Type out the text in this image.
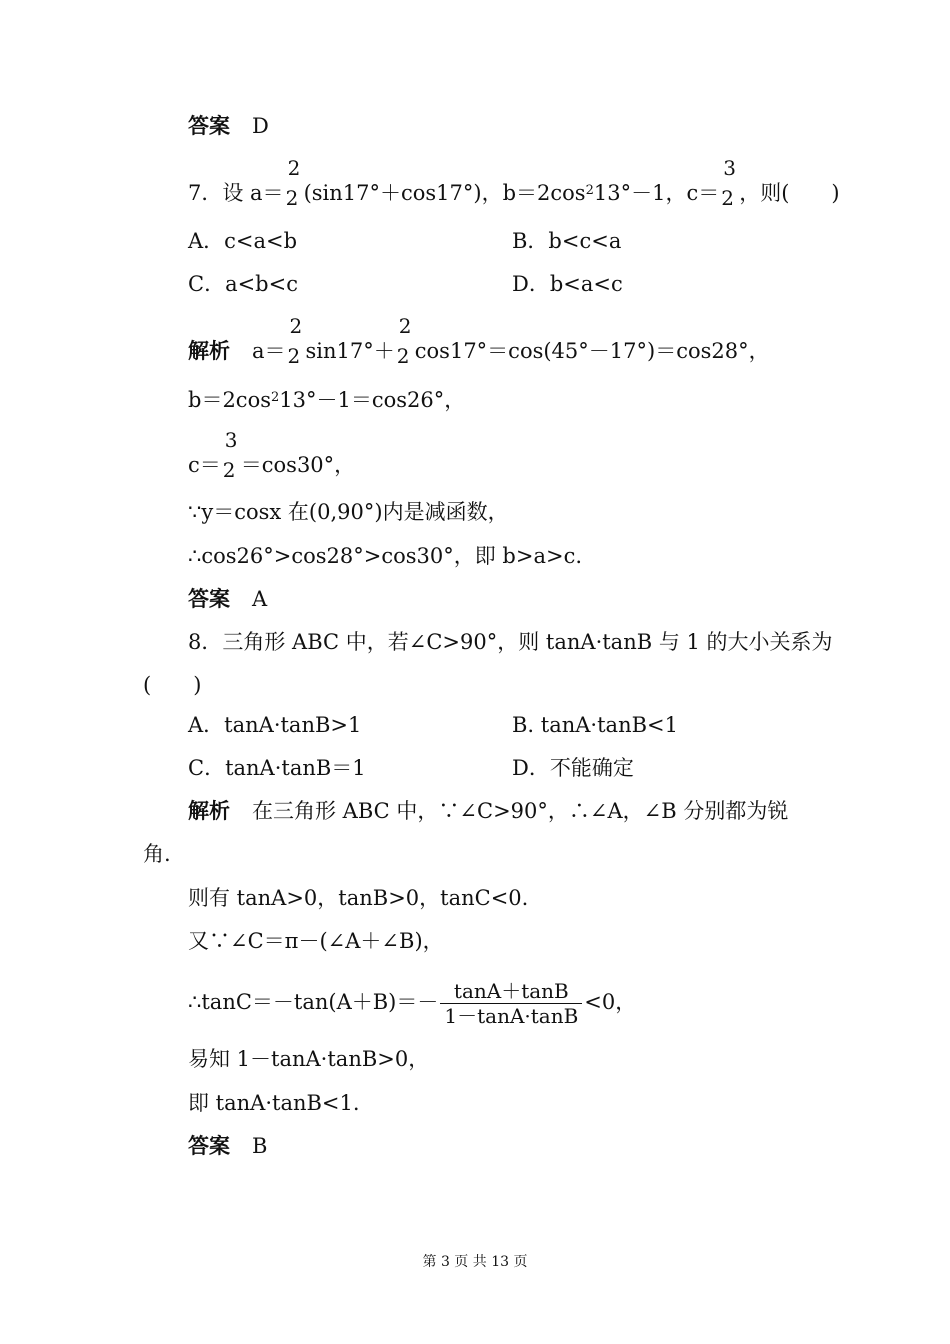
答案 D
7．设 a＝
2
2 (sin17°＋cos17°)，$b=2\cos^213^\circ-1$，c＝
3
2 ，则(　　)
A．c<a<b	B．b<c<a
C．a<b<c	D．b<a<c
解析 a＝
2
2 sin17°＋
2
2 cos17°＝cos(45°－17°)＝cos28°，
$b=2\cos^213^\circ-1=\cos 26^\circ$，
c＝
3
2 ＝cos30°，
∵y＝cosx 在(0,90°)内是减函数，
∴cos26°>cos28°>cos30°，即 b>a>c.
答案 A
8．三角形 ABC 中，若∠C>90°，则 tanA·tanB 与 1 的大小关系为
(　　)
A．tanA·tanB>1	B. tanA·tanB<1
C．tanA·tanB＝1	D．不能确定
解析 在三角形 ABC 中，∵∠C>90°，∴∠A，∠B 分别都为锐
角.
则有 tanA>0，tanB>0，tanC<0.
又∵∠C＝π－(∠A＋∠B)，
∴tanC＝－tan(A＋B)＝－ $\frac{\tan A+\tan B}{1-\tan A\cdot\tan B} <0$，
易知 1－tanA·tanB>0，
即 tanA·tanB<1.
答案 B
第 3 页 共 13 页
